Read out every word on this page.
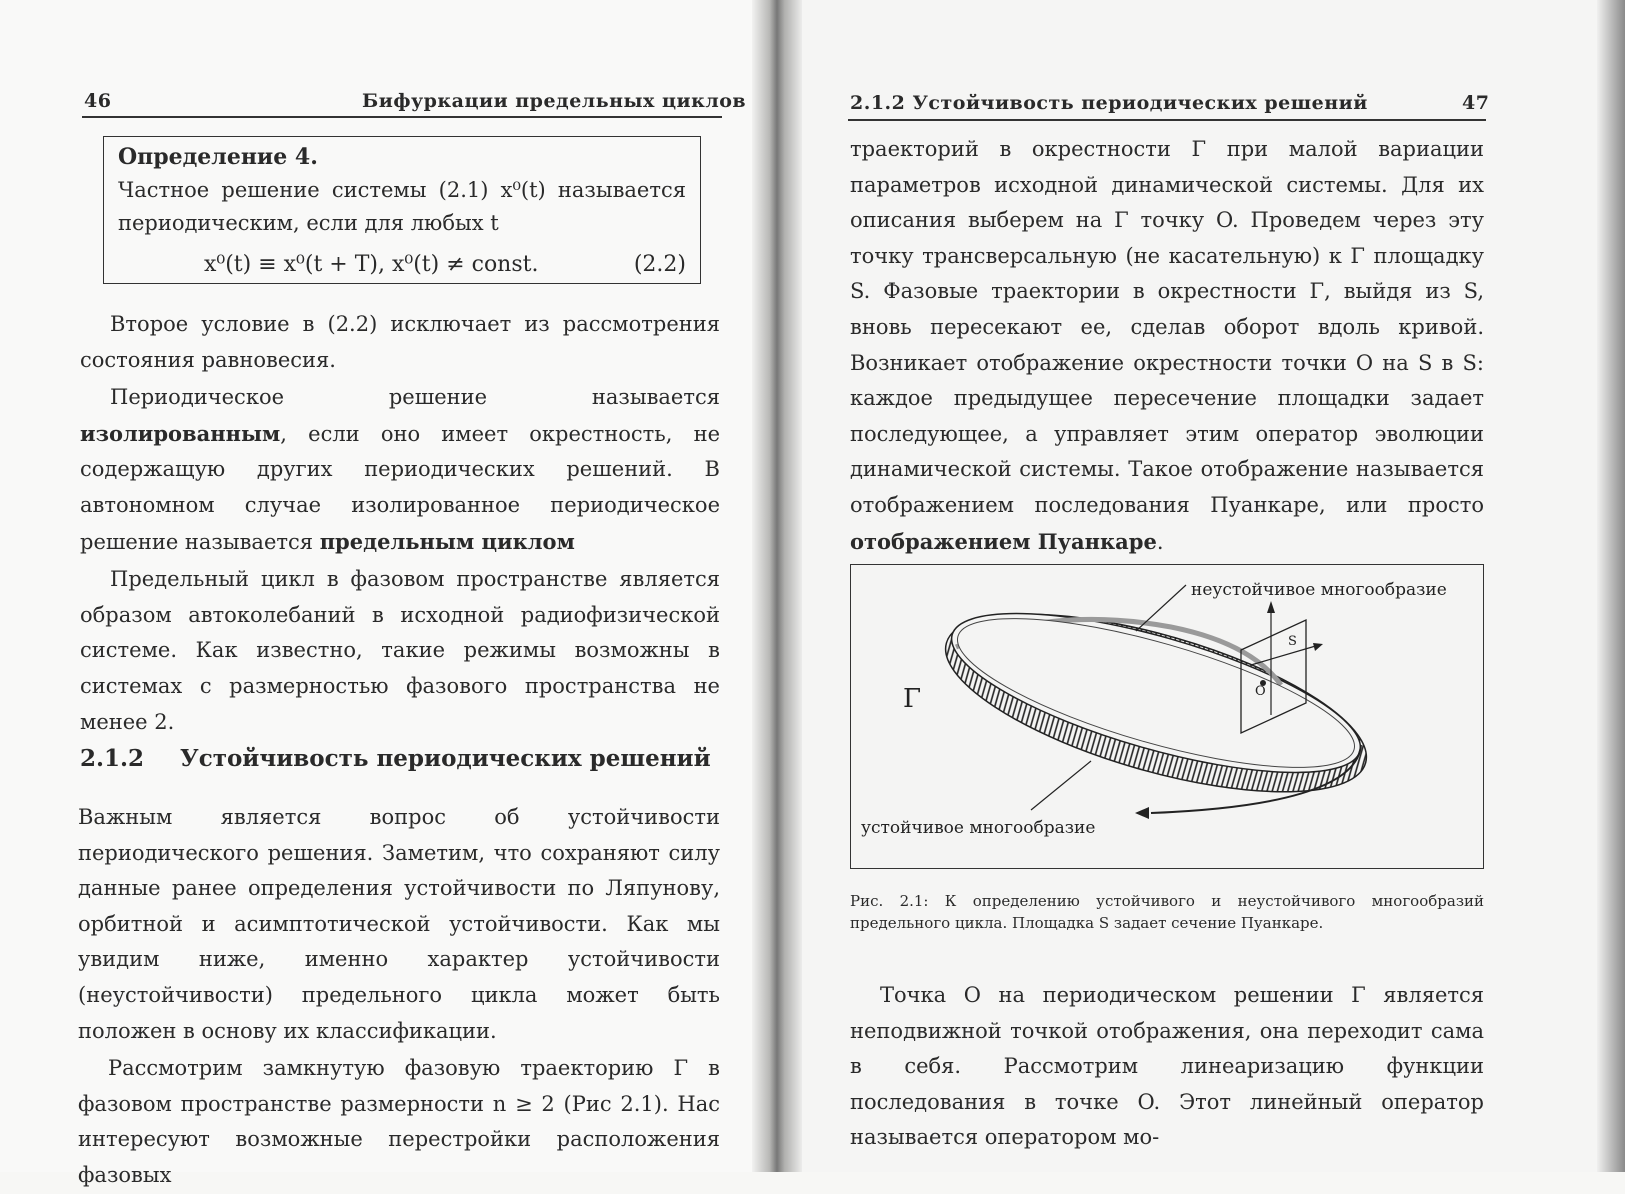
46	Бифуркации предельных циклов
Определение 4.
Частное решение системы (2.1) x⁰(t) называется периодическим, если для любых t
x⁰(t) ≡ x⁰(t + T), x⁰(t) ≠ const.	(2.2)

Второе условие в (2.2) исключает из рассмотрения состояния равновесия.

Периодическое решение называется изолированным, если оно имеет окрестность, не содержащую других периодических решений. В автономном случае изолированное периодическое решение называется предельным циклом

Предельный цикл в фазовом пространстве является образом автоколебаний в исходной радиофизической системе. Как известно, такие режимы возможны в системах с размерностью фазового пространства не менее 2.

2.1.2 Устойчивость периодических решений

Важным является вопрос об устойчивости периодического решения. Заметим, что сохраняют силу данные ранее определения устойчивости по Ляпунову, орбитной и асимптотической устойчивости. Как мы увидим ниже, именно характер устойчивости (неустойчивости) предельного цикла может быть положен в основу их классификации.

Рассмотрим замкнутую фазовую траекторию Γ в фазовом пространстве размерности n ≥ 2 (Рис 2.1). Нас интересуют возможные перестройки расположения фазовых

2.1.2 Устойчивость периодических решений	47

траекторий в окрестности Γ при малой вариации параметров исходной динамической системы. Для их описания выберем на Γ точку O. Проведем через эту точку трансверсальную (не касательную) к Γ площадку S. Фазовые траектории в окрестности Γ, выйдя из S, вновь пересекают ее, сделав оборот вдоль кривой. Возникает отображение окрестности точки O на S в S: каждое предыдущее пересечение площадки задает последующее, а управляет этим оператор эволюции динамической системы. Такое отображение называется отображением последования Пуанкаре, или просто отображением Пуанкаре.

неустойчивое многообразие
устойчивое многообразие
Γ
S
O
Рис. 2.1: К определению устойчивого и неустойчивого многообразий предельного цикла. Площадка S задает сечение Пуанкаре.

Точка O на периодическом решении Γ является неподвижной точкой отображения, она переходит сама в себя. Рассмотрим линеаризацию функции последования в точке O. Этот линейный оператор называется оператором мо-
